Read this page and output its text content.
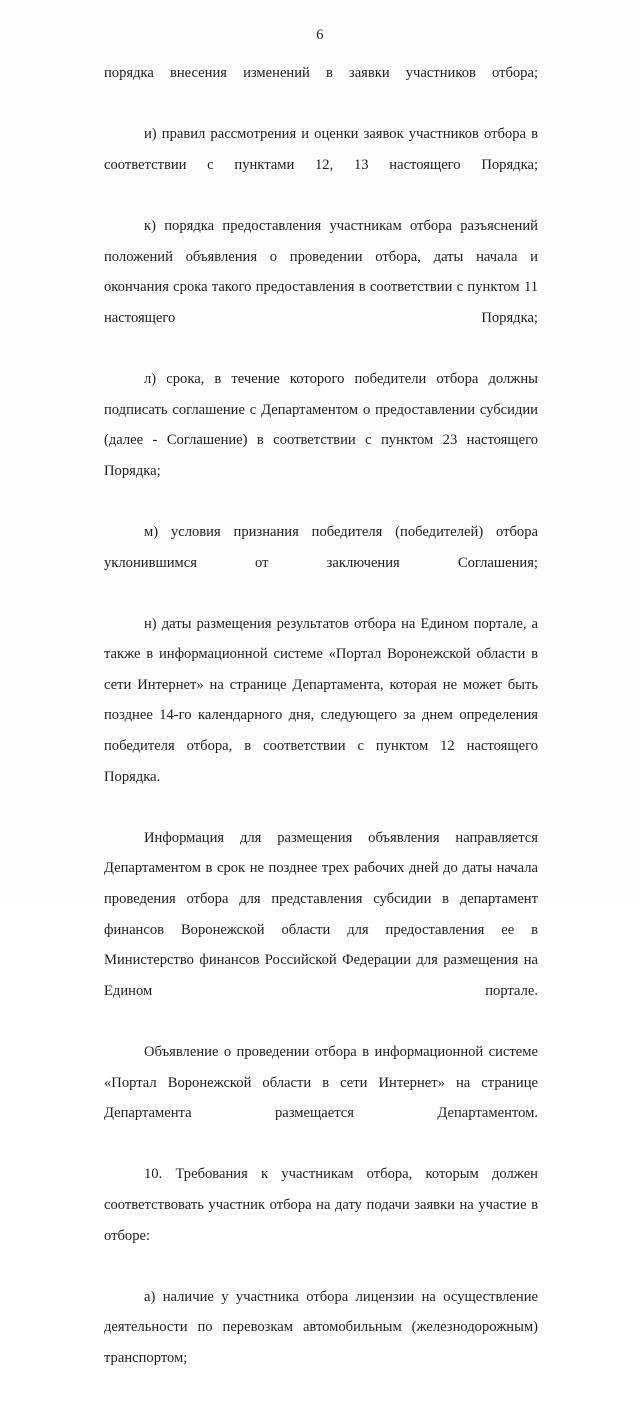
6

порядка внесения изменений в заявки участников отбора;

и) правил рассмотрения и оценки заявок участников отбора в соответствии с пунктами 12, 13 настоящего Порядка;

к) порядка предоставления участникам отбора разъяснений положений объявления о проведении отбора, даты начала и окончания срока такого предоставления в соответствии с пунктом 11 настоящего Порядка;

л) срока, в течение которого победители отбора должны подписать соглашение с Департаментом о предоставлении субсидии (далее - Соглашение) в соответствии с пунктом 23 настоящего Порядка;

м) условия признания победителя (победителей) отбора уклонившимся от заключения Соглашения;

н) даты размещения результатов отбора на Едином портале, а также в информационной системе «Портал Воронежской области в сети Интернет» на странице Департамента, которая не может быть позднее 14-го календарного дня, следующего за днем определения победителя отбора, в соответствии с пунктом 12 настоящего Порядка.

Информация для размещения объявления направляется Департаментом в срок не позднее трех рабочих дней до даты начала проведения отбора для представления субсидии в департамент финансов Воронежской области для предоставления ее в Министерство финансов Российской Федерации для размещения на Едином портале.

Объявление о проведении отбора в информационной системе «Портал Воронежской области в сети Интернет» на странице Департамента размещается Департаментом.

10. Требования к участникам отбора, которым должен соответствовать участник отбора на дату подачи заявки на участие в отборе:

а) наличие у участника отбора лицензии на осуществление деятельности по перевозкам автомобильным (железнодорожным) транспортом;
